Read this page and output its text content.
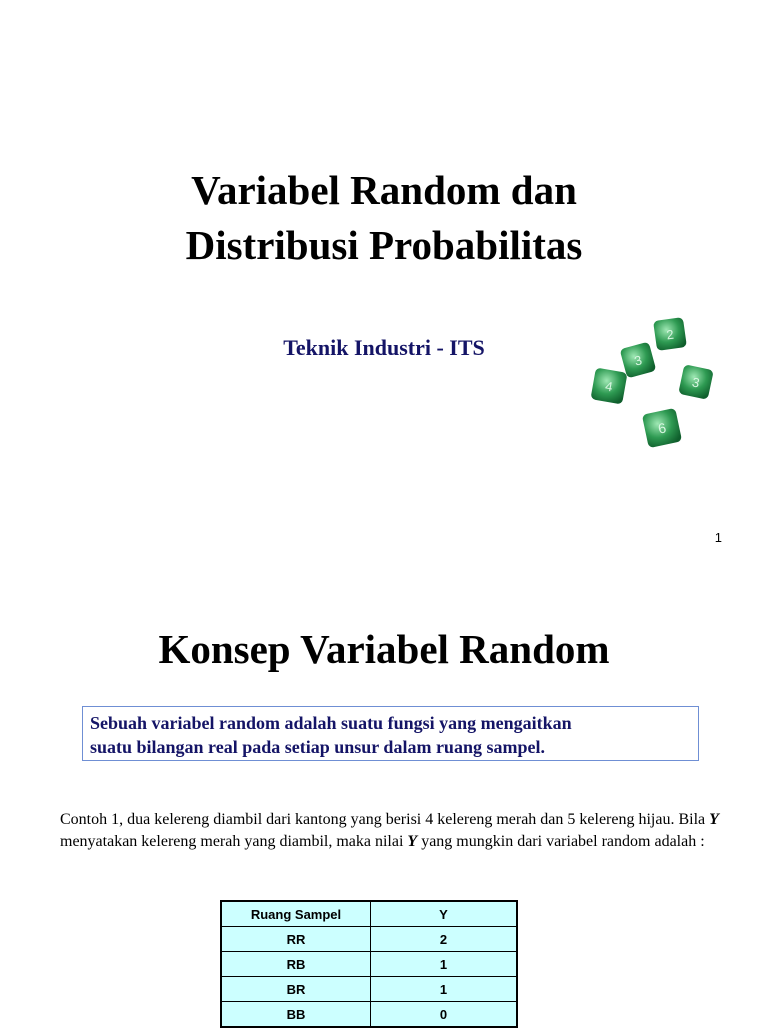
Variabel Random dan
Distribusi Probabilitas

Teknik Industri - ITS

2
3
4	3
6
1
Konsep Variabel Random
Sebuah variabel random adalah suatu fungsi yang mengaitkan
suatu bilangan real pada setiap unsur dalam ruang sampel.

Contoh 1, dua kelereng diambil dari kantong yang berisi 4 kelereng merah dan 5 kelereng hijau. Bila Y menyatakan kelereng merah yang diambil, maka nilai Y yang mungkin dari variabel random adalah :

Ruang Sampel	Y
RR	2
RB	1
BR	1
BB	0
